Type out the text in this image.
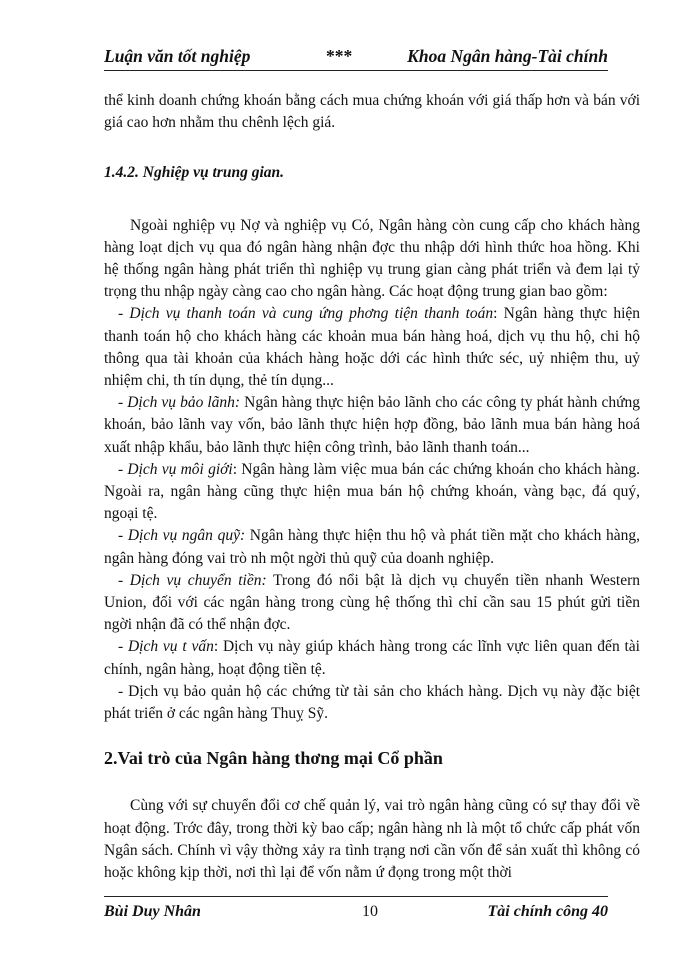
Luận văn tốt nghiệp	***	Khoa Ngân hàng-Tài chính

thể kinh doanh chứng khoán bằng cách mua chứng khoán với giá thấp hơn và bán với giá cao hơn nhằm thu chênh lệch giá.

1.4.2. Nghiệp vụ trung gian.

Ngoài nghiệp vụ Nợ và nghiệp vụ Có, Ngân hàng còn cung cấp cho khách hàng hàng loạt dịch vụ qua đó ngân hàng nhận đợc thu nhập dới hình thức hoa hồng. Khi hệ thống ngân hàng phát triển thì nghiệp vụ trung gian càng phát triển và đem lại tỷ trọng thu nhập ngày càng cao cho ngân hàng. Các hoạt động trung gian bao gồm:

- Dịch vụ thanh toán và cung ứng phơng tiện thanh toán: Ngân hàng thực hiện thanh toán hộ cho khách hàng các khoản mua bán hàng hoá, dịch vụ thu hộ, chi hộ thông qua tài khoản của khách hàng hoặc dới các hình thức séc, uỷ nhiệm thu, uỷ nhiệm chi, th tín dụng, thẻ tín dụng...

- Dịch vụ bảo lãnh: Ngân hàng thực hiện bảo lãnh cho các công ty phát hành chứng khoán, bảo lãnh vay vốn, bảo lãnh thực hiện hợp đồng, bảo lãnh mua bán hàng hoá xuất nhập khẩu, bảo lãnh thực hiện công trình, bảo lãnh thanh toán...

- Dịch vụ môi giới: Ngân hàng làm việc mua bán các chứng khoán cho khách hàng. Ngoài ra, ngân hàng cũng thực hiện mua bán hộ chứng khoán, vàng bạc, đá quý, ngoại tệ.

- Dịch vụ ngân quỹ: Ngân hàng thực hiện thu hộ và phát tiền mặt cho khách hàng, ngân hàng đóng vai trò nh một ngời thủ quỹ của doanh nghiệp.

- Dịch vụ chuyển tiền: Trong đó nổi bật là dịch vụ chuyển tiền nhanh Western Union, đối với các ngân hàng trong cùng hệ thống thì chỉ cần sau 15 phút gửi tiền ngời nhận đã có thể nhận đợc.

- Dịch vụ t vấn: Dịch vụ này giúp khách hàng trong các lĩnh vực liên quan đến tài chính, ngân hàng, hoạt động tiền tệ.

- Dịch vụ bảo quản hộ các chứng từ tài sản cho khách hàng. Dịch vụ này đặc biệt phát triển ở các ngân hàng Thuỵ Sỹ.

2.Vai trò của Ngân hàng thơng mại Cổ phần

Cùng với sự chuyển đổi cơ chế quản lý, vai trò ngân hàng cũng có sự thay đổi về hoạt động. Trớc đây, trong thời kỳ bao cấp; ngân hàng nh là một tổ chức cấp phát vốn Ngân sách. Chính vì vậy thờng xảy ra tình trạng nơi cần vốn để sản xuất thì không có hoặc không kịp thời, nơi thì lại để vốn nằm ứ đọng trong một thời

Bùi Duy Nhân	10	Tài chính công 40
